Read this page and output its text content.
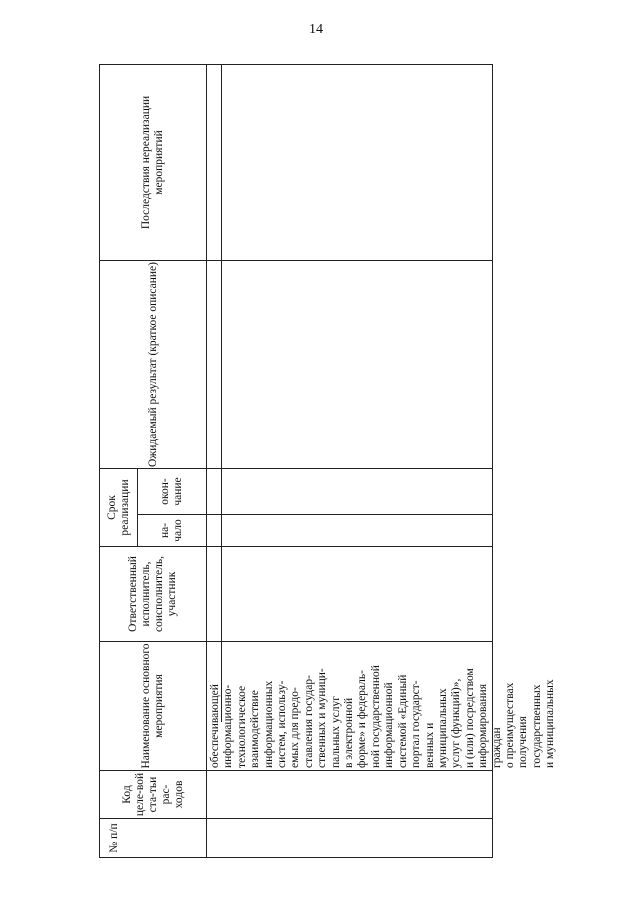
14
№ п/п
Код целе-вой ста-тьи рас-ходов
Наименование основного мероприятия
Ответственный исполнитель, соисполнитель, участник
Срок реализации на-чало
окон-чание
Ожидаемый результат (краткое описание)
Последствия нереализации мероприятий
обеспечивающей информационно- технологическое взаимодействие информационных систем, использу- емых для предо- ставления государ- ственных и муници- пальных услуг в электронной форме» и федераль- ной государственной информационной системой «Единый портал государст- венных и муниципальных услуг (функций)», и (или) посредством информирования граждан о преимуществах получения государственных и муниципальных
